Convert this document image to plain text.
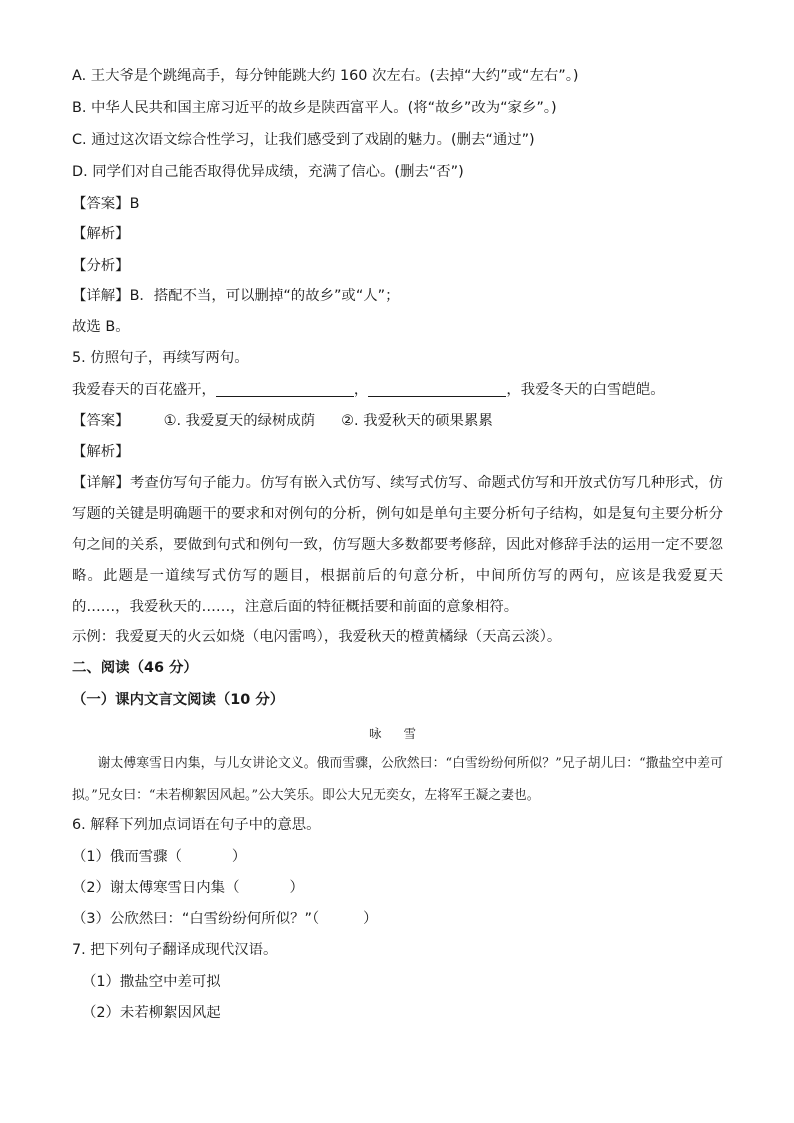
A. 王大爷是个跳绳高手，每分钟能跳大约 160 次左右。(去掉“大约”或“左右”。)
B. 中华人民共和国主席习近平的故乡是陕西富平人。(将“故乡”改为“家乡”。)
C. 通过这次语文综合性学习，让我们感受到了戏剧的魅力。(删去“通过”)
D. 同学们对自己能否取得优异成绩，充满了信心。(删去“否”)
【答案】B
【解析】
【分析】
【详解】B．搭配不当，可以删掉“的故乡”或“人”；
故选 B。
5. 仿照句子，再续写两句。
我爱春天的百花盛开，	，	，我爱冬天的白雪皑皑。
【答案】 ①. 我爱夏天的绿树成荫 ②. 我爱秋天的硕果累累
【解析】
【详解】考查仿写句子能力。仿写有嵌入式仿写、续写式仿写、命题式仿写和开放式仿写几种形式，仿写题的关键是明确题干的要求和对例句的分析，例句如是单句主要分析句子结构，如是复句主要分析分句之间的关系，要做到句式和例句一致，仿写题大多数都要考修辞，因此对修辞手法的运用一定不要忽略。此题是一道续写式仿写的题目，根据前后的句意分析，中间所仿写的两句，应该是我爱夏天的……，我爱秋天的……，注意后面的特征概括要和前面的意象相符。
示例：我爱夏天的火云如烧（电闪雷鸣），我爱秋天的橙黄橘绿（天高云淡）。
二、阅读（46 分）
（一）课内文言文阅读（10 分）
咏 雪
谢太傅寒雪日内集，与儿女讲论文义。俄而雪骤，公欣然曰：“白雪纷纷何所似？”兄子胡儿曰：“撒盐空中差可拟。”兄女曰：“未若柳絮因风起。”公大笑乐。即公大兄无奕女，左将军王凝之妻也。
6. 解释下列加点词语在句子中的意思。
（1）俄而雪骤（	）
（2）谢太傅寒雪日内集（	）
（3）公欣然曰：“白雪纷纷何所似？”（	）
7. 把下列句子翻译成现代汉语。
（1）撒盐空中差可拟
（2）未若柳絮因风起
